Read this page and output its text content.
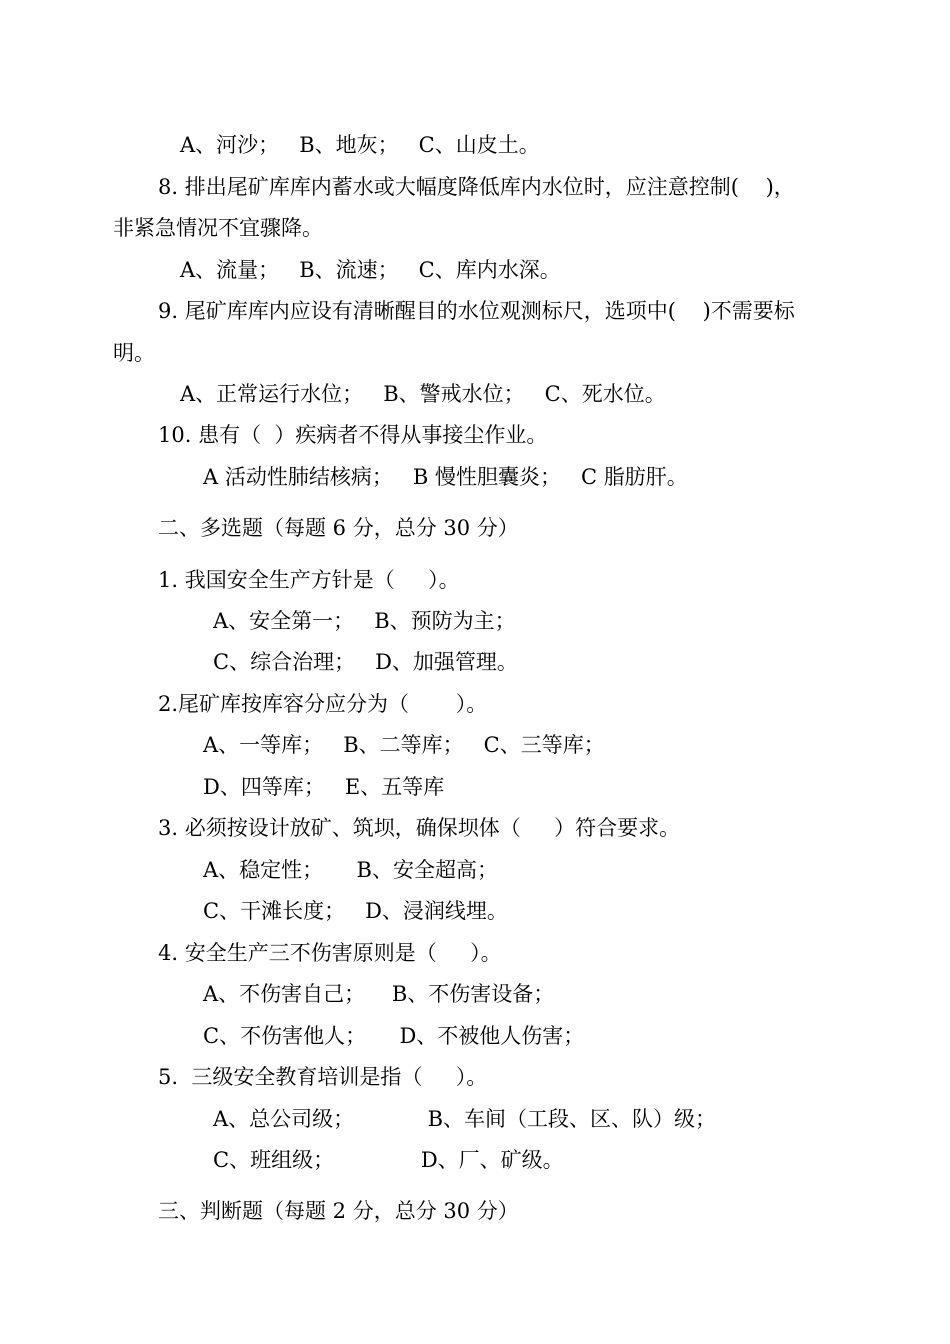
A、河沙；   B、地灰；   C、山皮土。
8. 排出尾矿库库内蓄水或大幅度降低库内水位时，应注意控制(    )，
非紧急情况不宜骤降。
A、流量；   B、流速；   C、库内水深。
9. 尾矿库库内应设有清晰醒目的水位观测标尺，选项中(    )不需要标
明。
A、正常运行水位；   B、警戒水位；   C、死水位。
10. 患有（  ）疾病者不得从事接尘作业。
A 活动性肺结核病；   B 慢性胆囊炎；   C 脂肪肝。
二、多选题（每题 6 分，总分 30 分）
1. 我国安全生产方针是（     ）。
A、安全第一；   B、预防为主；
C、综合治理；   D、加强管理。
2.尾矿库按库容分应分为（       ）。
A、一等库；   B、二等库；   C、三等库；
D、四等库；   E、五等库
3. 必须按设计放矿、筑坝，确保坝体（     ）符合要求。
A、稳定性；     B、安全超高；
C、干滩长度；   D、浸润线埋。
4. 安全生产三不伤害原则是（     ）。
A、不伤害自己；    B、不伤害设备；
C、不伤害他人；     D、不被他人伤害；
5.  三级安全教育培训是指（     ）。
A、总公司级；           B、车间（工段、区、队）级；
C、班组级；             D、厂、矿级。
三、判断题（每题 2 分，总分 30 分）
